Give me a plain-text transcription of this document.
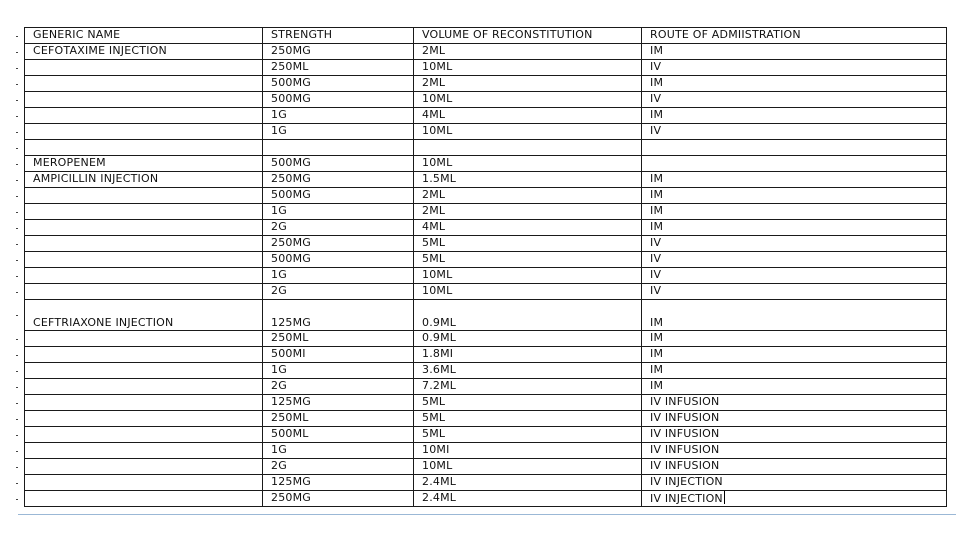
GENERIC NAME	STRENGTH	VOLUME OF RECONSTITUTION	ROUTE OF ADMIISTRATION
CEFOTAXIME INJECTION	250MG	2ML	IM
	250ML	10ML	IV
	500MG	2ML	IM
	500MG	10ML	IV
	1G	4ML	IM
	1G	10ML	IV

MEROPENEM	500MG	10ML	
AMPICILLIN INJECTION	250MG	1.5ML	IM
	500MG	2ML	IM
	1G	2ML	IM
	2G	4ML	IM
	250MG	5ML	IV
	500MG	5ML	IV
	1G	10ML	IV
	2G	10ML	IV
CEFTRIAXONE INJECTION	125MG	0.9ML	IM
	250ML	0.9ML	IM
	500MI	1.8MI	IM
	1G	3.6ML	IM
	2G	7.2ML	IM
	125MG	5ML	IV INFUSION
	250ML	5ML	IV INFUSION
	500ML	5ML	IV INFUSION
	1G	10MI	IV INFUSION
	2G	10ML	IV INFUSION
	125MG	2.4ML	IV INJECTION
	250MG	2.4ML	IV INJECTION
